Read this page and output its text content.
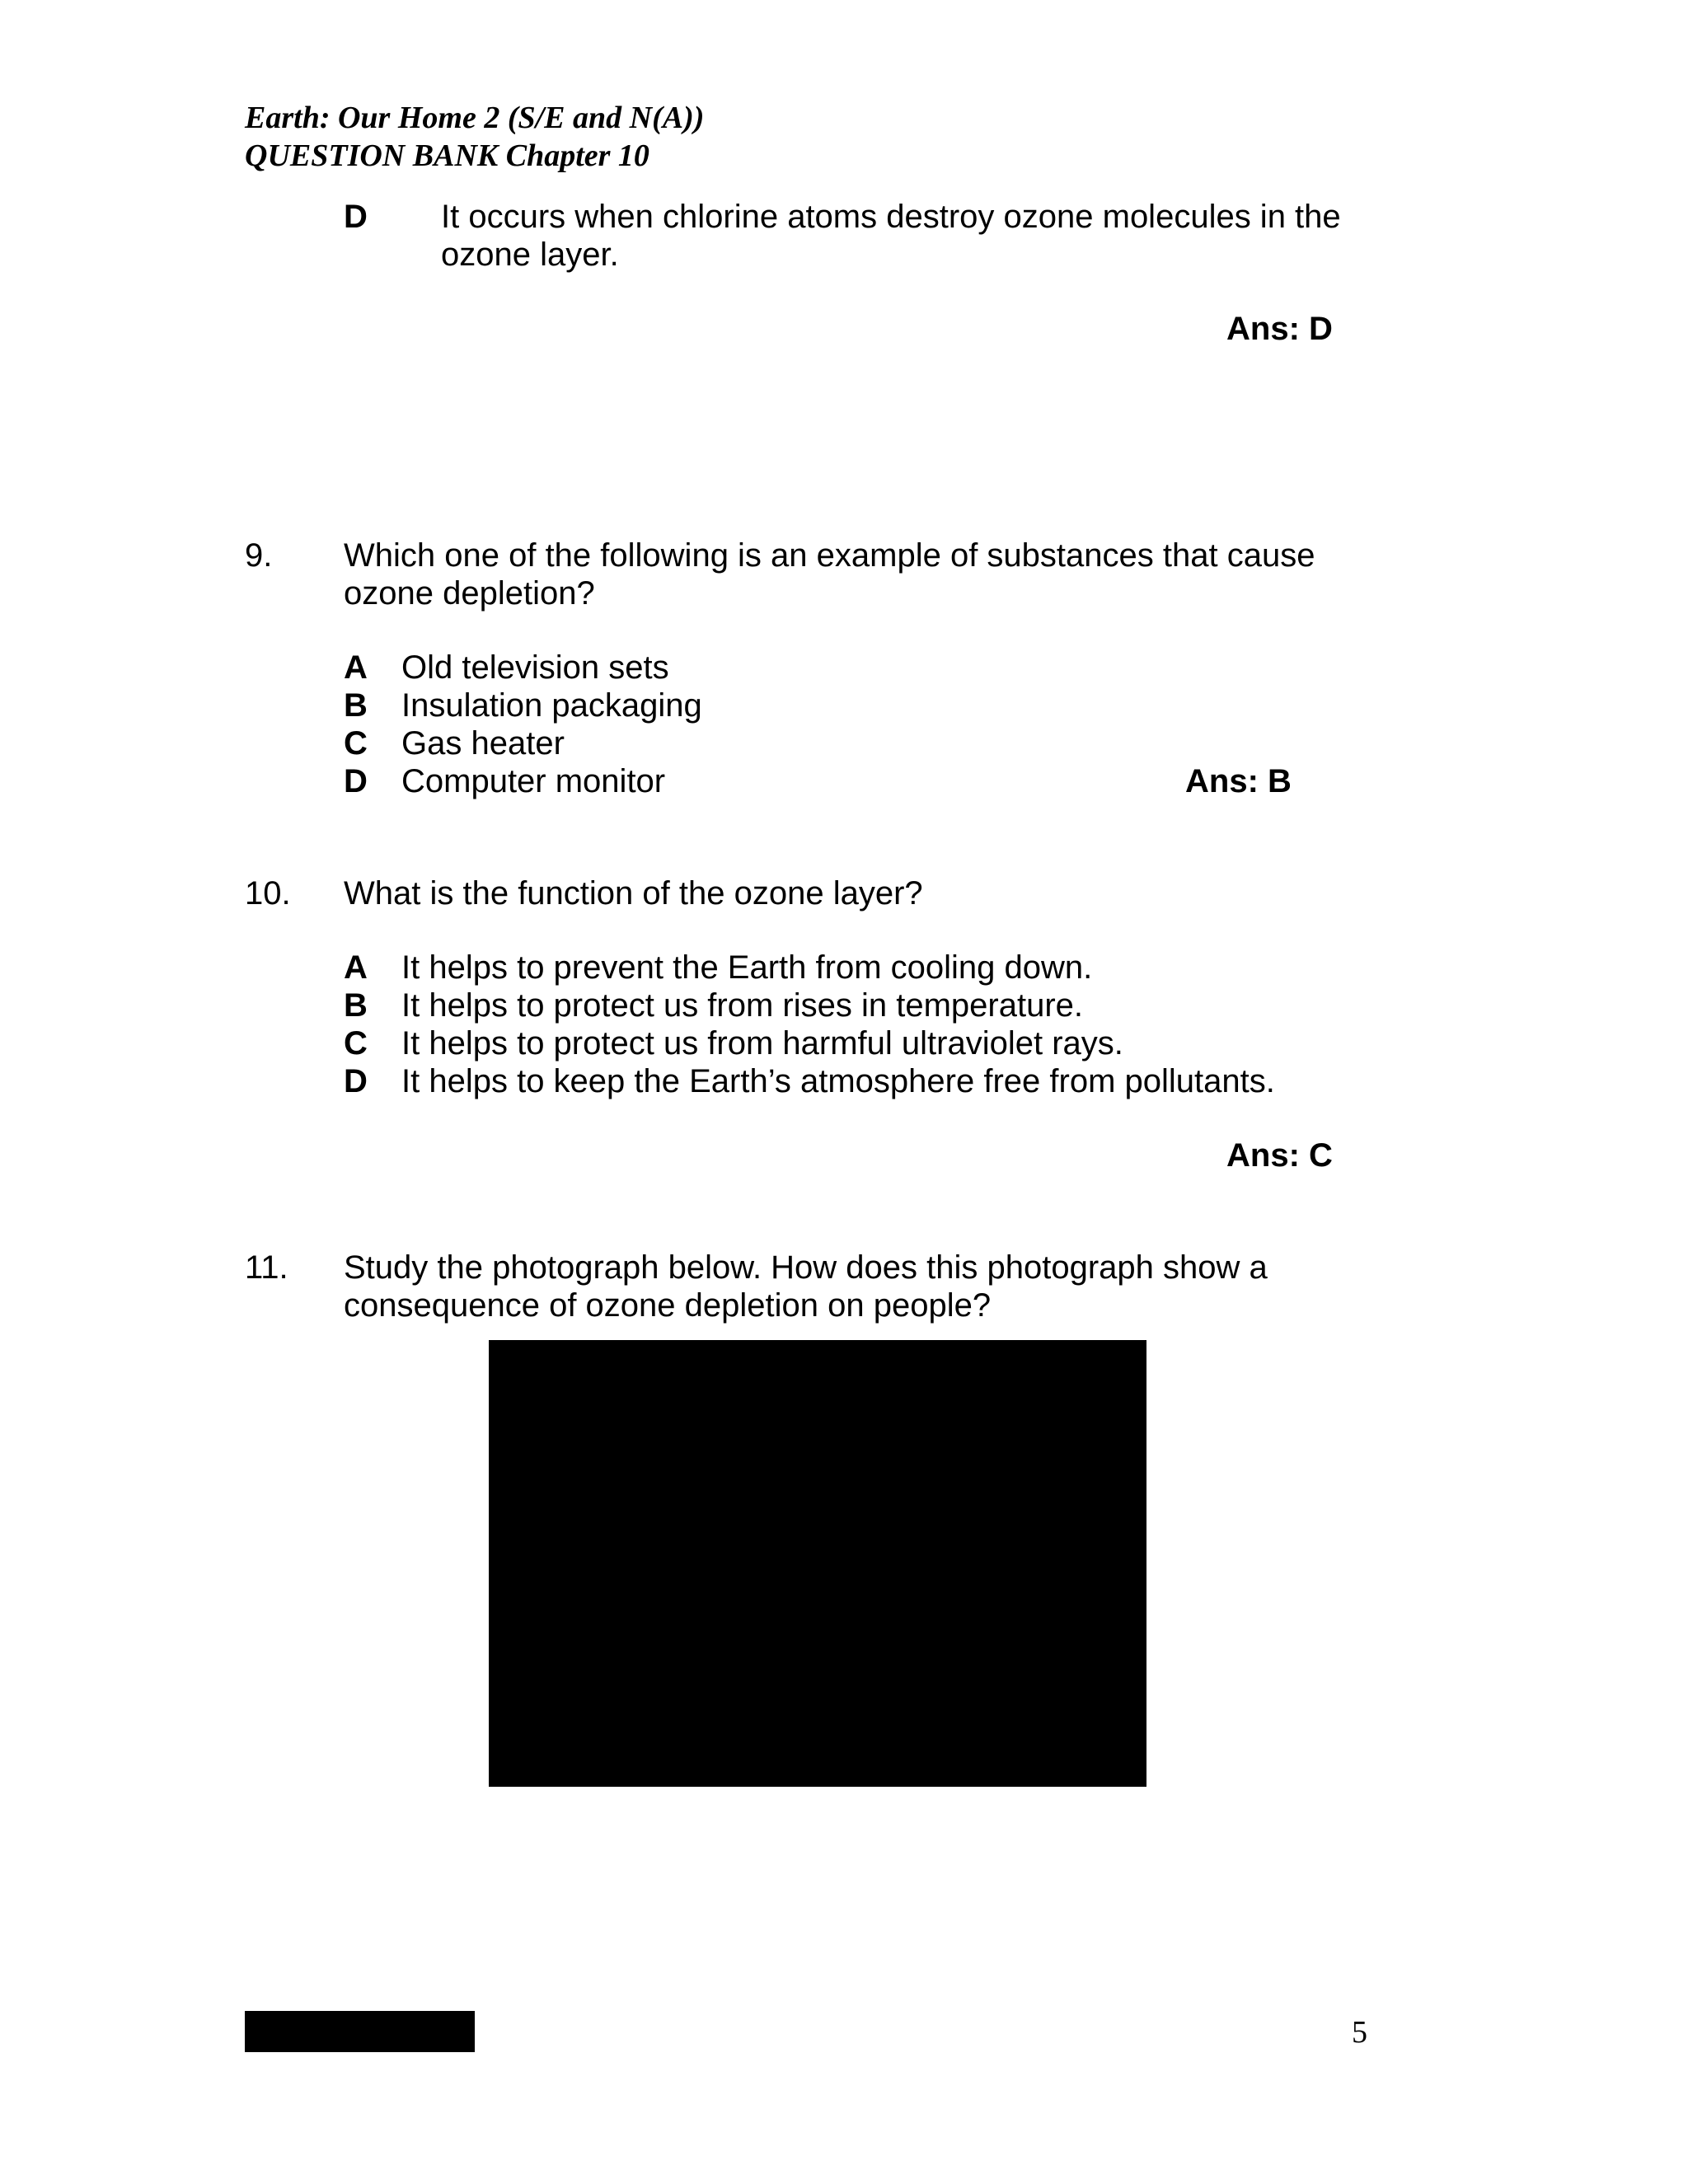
Earth: Our Home 2 (S/E and N(A))
QUESTION BANK Chapter 10
D It occurs when chlorine atoms destroy ozone molecules in the
ozone layer.
Ans: D
9. Which one of the following is an example of substances that cause
ozone depletion?
A Old television sets
B Insulation packaging
C Gas heater
D Computer monitor	Ans: B
10. What is the function of the ozone layer?
A It helps to prevent the Earth from cooling down.
B It helps to protect us from rises in temperature.
C It helps to protect us from harmful ultraviolet rays.
D It helps to keep the Earth’s atmosphere free from pollutants.
Ans: C
11. Study the photograph below. How does this photograph show a
consequence of ozone depletion on people?
5
